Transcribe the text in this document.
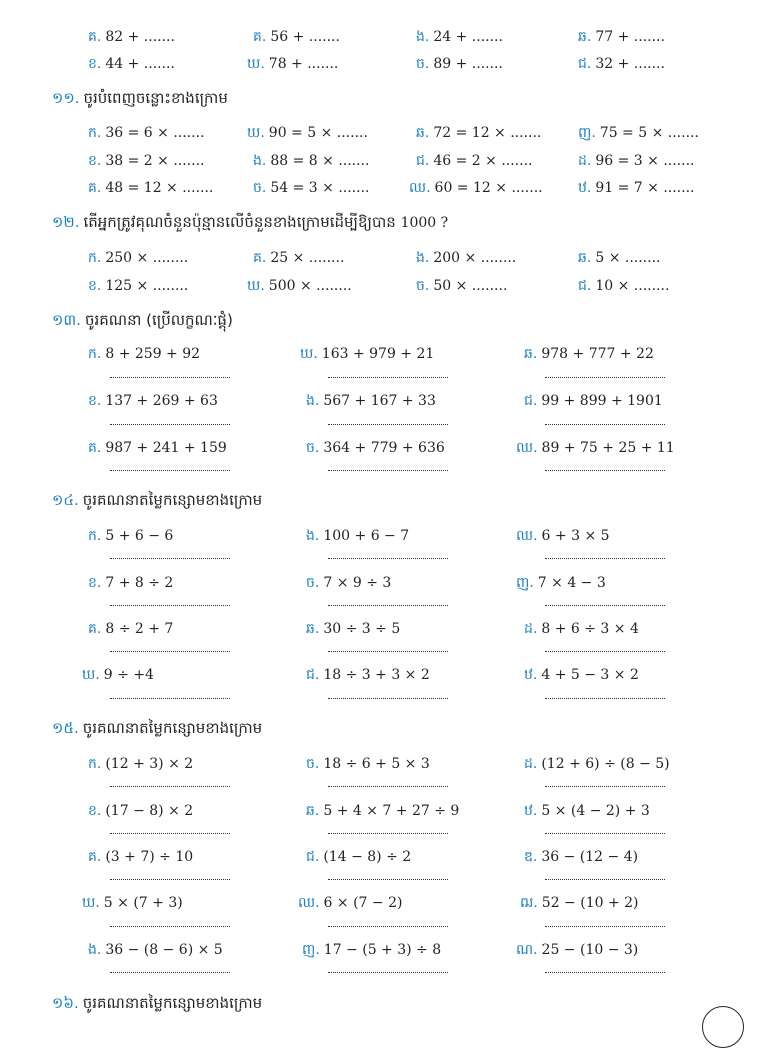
គ. 82 + .......
ខ. 44 + .......
គ. 56 + .......
ឃ. 78 + .......
ង. 24 + .......
ច. 89 + .......
ឆ. 77 + .......
ជ. 32 + .......
១១. ចូរបំពេញចន្លោះខាងក្រោម
ក. 36 = 6 × .......
ខ. 38 = 2 × .......
គ. 48 = 12 × .......
ឃ. 90 = 5 × .......
ង. 88 = 8 × .......
ច. 54 = 3 × .......
ឆ. 72 = 12 × .......
ជ. 46 = 2 × .......
ឈ. 60 = 12 × .......
ញ. 75 = 5 × .......
ដ. 96 = 3 × .......
ឋ. 91 = 7 × .......
១២. តើអ្នកត្រូវគុណចំនួនប៉ុន្មានលើចំនួនខាងក្រោមដើម្បីឱ្យបាន 1000 ?
ក. 250 × ........
ខ. 125 × ........
គ. 25 × ........
ឃ. 500 × ........
ង. 200 × ........
ច. 50 × ........
ឆ. 5 × ........
ជ. 10 × ........
១៣. ចូរគណនា (ប្រើលក្ខណៈផ្តុំ)
ក. 8 + 259 + 92
ខ. 137 + 269 + 63
គ. 987 + 241 + 159
ឃ. 163 + 979 + 21
ង. 567 + 167 + 33
ច. 364 + 779 + 636
ឆ. 978 + 777 + 22
ជ. 99 + 899 + 1901
ឈ. 89 + 75 + 25 + 11
១៤. ចូរគណនាតម្លៃកន្សោមខាងក្រោម
ក. 5 + 6 − 6
ខ. 7 + 8 ÷ 2
គ. 8 ÷ 2 + 7
ឃ. 9 ÷ +4
ង. 100 + 6 − 7
ច. 7 × 9 ÷ 3
ឆ. 30 ÷ 3 ÷ 5
ជ. 18 ÷ 3 + 3 × 2
ឈ. 6 + 3 × 5
ញ. 7 × 4 − 3
ដ. 8 + 6 ÷ 3 × 4
ឋ. 4 + 5 − 3 × 2
១៥. ចូរគណនាតម្លៃកន្សោមខាងក្រោម
ក. (12 + 3) × 2
ខ. (17 − 8) × 2
គ. (3 + 7) ÷ 10
ឃ. 5 × (7 + 3)
ង. 36 − (8 − 6) × 5
ច. 18 ÷ 6 + 5 × 3
ឆ. 5 + 4 × 7 + 27 ÷ 9
ជ. (14 − 8) ÷ 2
ឈ. 6 × (7 − 2)
ញ. 17 − (5 + 3) ÷ 8
ដ. (12 + 6) ÷ (8 − 5)
ឋ. 5 × (4 − 2) + 3
ឌ. 36 − (12 − 4)
ឍ. 52 − (10 + 2)
ណ. 25 − (10 − 3)
១៦. ចូរគណនាតម្លៃកន្សោមខាងក្រោម
